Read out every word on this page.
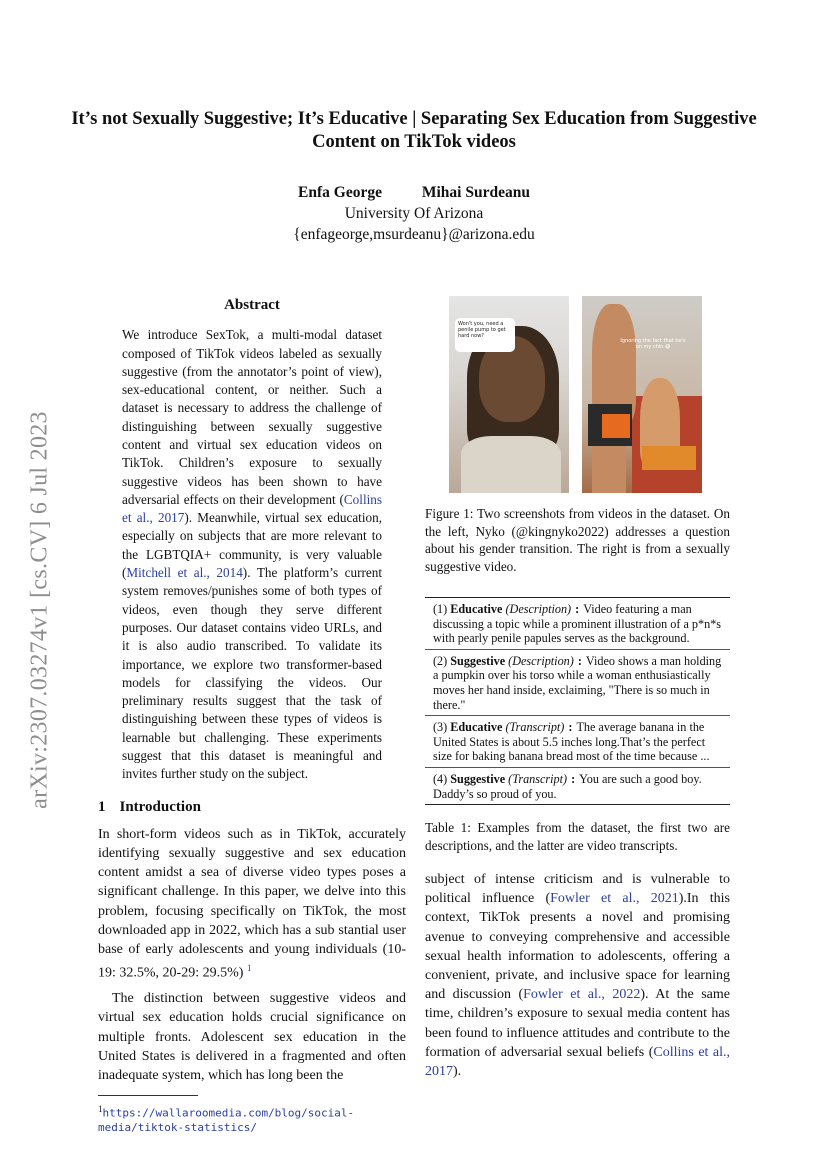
arXiv:2307.03274v1 [cs.CV] 6 Jul 2023
It’s not Sexually Suggestive; It’s Educative | Separating Sex Education from Suggestive Content on TikTok videos
Enfa George	Mihai Surdeanu
University Of Arizona
{enfageorge,msurdeanu}@arizona.edu
Abstract

We introduce SexTok, a multi-modal dataset composed of TikTok videos labeled as sexually suggestive (from the annotator’s point of view), sex-educational content, or neither. Such a dataset is necessary to address the challenge of distinguishing between sexually suggestive content and virtual sex education videos on TikTok. Children’s exposure to sexually suggestive videos has been shown to have adversarial effects on their development (Collins et al., 2017). Meanwhile, virtual sex education, especially on subjects that are more relevant to the LGBTQIA+ community, is very valuable (Mitchell et al., 2014). The platform’s current system removes/punishes some of both types of videos, even though they serve different purposes. Our dataset contains video URLs, and it is also audio transcribed. To validate its importance, we explore two transformer-based models for classifying the videos. Our preliminary results suggest that the task of distinguishing between these types of videos is learnable but challenging. These experiments suggest that this dataset is meaningful and invites further study on the subject.

1 Introduction

In short-form videos such as in TikTok, accurately identifying sexually suggestive and sex education content amidst a sea of diverse video types poses a significant challenge. In this paper, we delve into this problem, focusing specifically on TikTok, the most downloaded app in 2022, which has a sub stantial user base of early adolescents and young individuals (10-19: 32.5%, 20-29: 29.5%) $^1$

The distinction between suggestive videos and virtual sex education holds crucial significance on multiple fronts. Adolescent sex education in the United States is delivered in a fragmented and often inadequate system, which has long been the

$^1$https://wallaroomedia.com/blog/social-media/tiktok-statistics/
Won't you, need a penile pump to get hard now?
Ignoring the fact that he's on my chin 😅
Figure 1: Two screenshots from videos in the dataset. On the left, Nyko (@kingnyko2022) addresses a question about his gender transition. The right is from a sexually suggestive video.
(1) Educative (Description) : Video featuring a man discussing a topic while a prominent illustration of a p*n*s with pearly penile papules serves as the background.
(2) Suggestive (Description) : Video shows a man holding a pumpkin over his torso while a woman enthusiastically moves her hand inside, exclaiming, "There is so much in there."
(3) Educative (Transcript) : The average banana in the United States is about 5.5 inches long.That’s the perfect size for baking banana bread most of the time because ...
(4) Suggestive (Transcript) : You are such a good boy. Daddy’s so proud of you.
Table 1: Examples from the dataset, the first two are descriptions, and the latter are video transcripts.

subject of intense criticism and is vulnerable to political influence (Fowler et al., 2021).In this context, TikTok presents a novel and promising avenue to conveying comprehensive and accessible sexual health information to adolescents, offering a convenient, private, and inclusive space for learning and discussion (Fowler et al., 2022). At the same time, children’s exposure to sexual media content has been found to influence attitudes and contribute to the formation of adversarial sexual beliefs (Collins et al., 2017).
